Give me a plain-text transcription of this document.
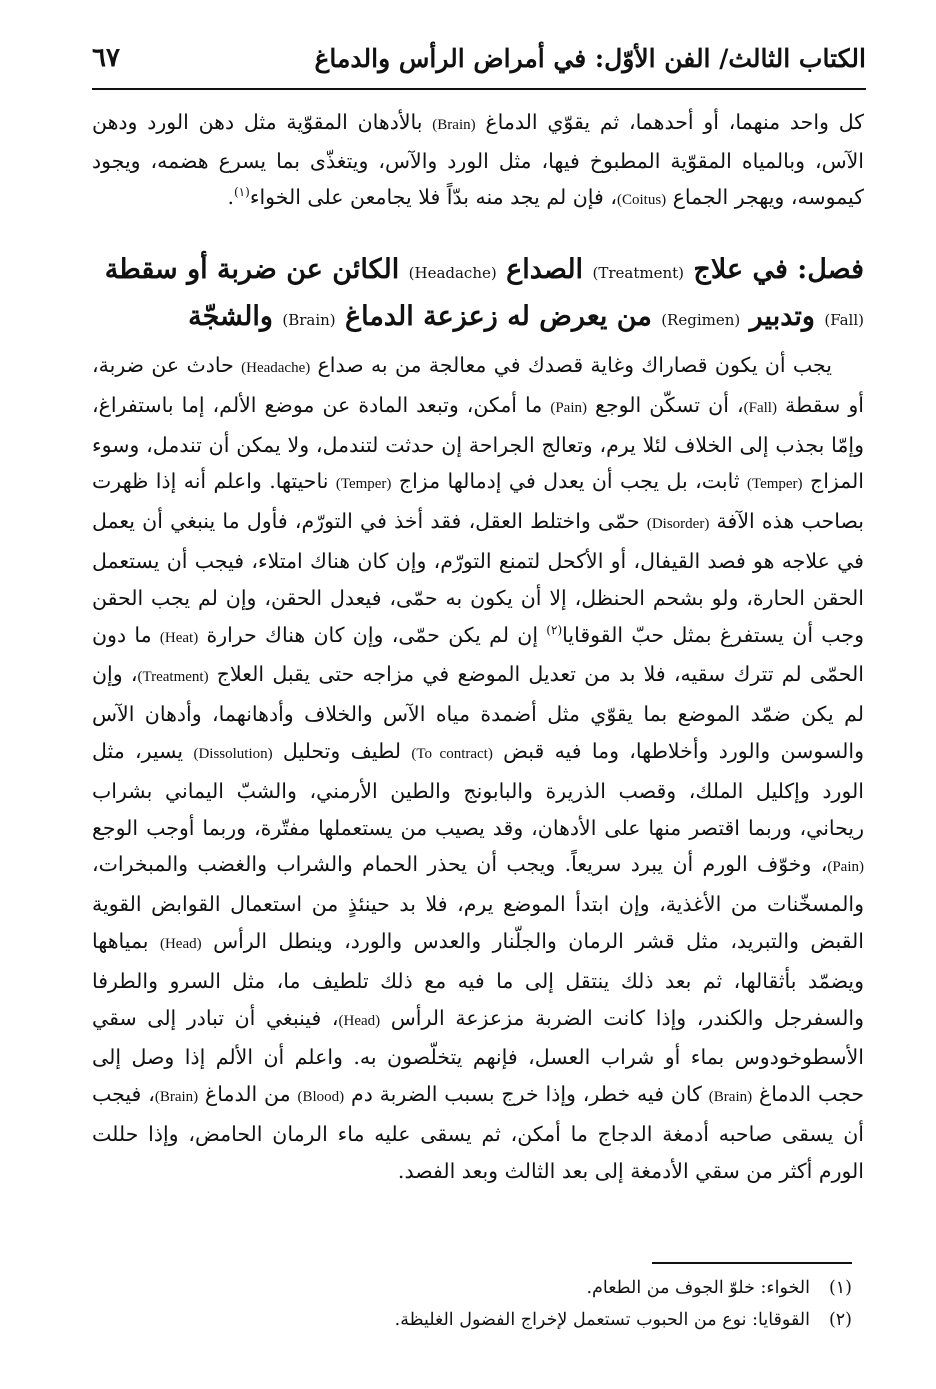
الكتاب الثالث/ الفن الأوّل: في أمراض الرأس والدماغ
٦٧
كل واحد منهما، أو أحدهما، ثم يقوّي الدماغ (Brain) بالأدهان المقوّية مثل دهن الورد ودهن الآس، وبالمياه المقوّية المطبوخ فيها، مثل الورد والآس، ويتغذّى بما يسرع هضمه، ويجود كيموسه، ويهجر الجماع (Coitus)، فإن لم يجد منه بدّاً فلا يجامعن على الخواء$^{(١)}$.
فصل: في علاج (Treatment) الصداع (Headache) الكائن عن ضربة أو سقطة (Fall) وتدبير (Regimen) من يعرض له زعزعة الدماغ (Brain) والشجّة
يجب أن يكون قصاراك وغاية قصدك في معالجة من به صداع (Headache) حادث عن ضربة، أو سقطة (Fall)، أن تسكّن الوجع (Pain) ما أمكن، وتبعد المادة عن موضع الألم، إما باستفراغ، وإمّا بجذب إلى الخلاف لئلا يرم، وتعالج الجراحة إن حدثت لتندمل، ولا يمكن أن تندمل، وسوء المزاج (Temper) ثابت، بل يجب أن يعدل في إدمالها مزاج (Temper) ناحيتها. واعلم أنه إذا ظهرت بصاحب هذه الآفة (Disorder) حمّى واختلط العقل، فقد أخذ في التورّم، فأول ما ينبغي أن يعمل في علاجه هو فصد القيفال، أو الأكحل لتمنع التورّم، وإن كان هناك امتلاء، فيجب أن يستعمل الحقن الحارة، ولو بشحم الحنظل، إلا أن يكون به حمّى، فيعدل الحقن، وإن لم يجب الحقن وجب أن يستفرغ بمثل حبّ القوقايا$^{(٢)}$ إن لم يكن حمّى، وإن كان هناك حرارة (Heat) ما دون الحمّى لم تترك سقيه، فلا بد من تعديل الموضع في مزاجه حتى يقبل العلاج (Treatment)، وإن لم يكن ضمّد الموضع بما يقوّي مثل أضمدة مياه الآس والخلاف وأدهانهما، وأدهان الآس والسوسن والورد وأخلاطها، وما فيه قبض (To contract) لطيف وتحليل (Dissolution) يسير، مثل الورد وإكليل الملك، وقصب الذريرة والبابونج والطين الأرمني، والشبّ اليماني بشراب ريحاني، وربما اقتصر منها على الأدهان، وقد يصيب من يستعملها مفتّرة، وربما أوجب الوجع (Pain)، وخوّف الورم أن يبرد سريعاً. ويجب أن يحذر الحمام والشراب والغضب والمبخرات، والمسخّنات من الأغذية، وإن ابتدأ الموضع يرم، فلا بد حينئذٍ من استعمال القوابض القوية القبض والتبريد، مثل قشر الرمان والجلّنار والعدس والورد، وينطل الرأس (Head) بمياهها ويضمّد بأثقالها، ثم بعد ذلك ينتقل إلى ما فيه مع ذلك تلطيف ما، مثل السرو والطرفا والسفرجل والكندر، وإذا كانت الضربة مزعزعة الرأس (Head)، فينبغي أن تبادر إلى سقي الأسطوخودوس بماء أو شراب العسل، فإنهم يتخلّصون به. واعلم أن الألم إذا وصل إلى حجب الدماغ (Brain) كان فيه خطر، وإذا خرج بسبب الضربة دم (Blood) من الدماغ (Brain)، فيجب أن يسقى صاحبه أدمغة الدجاج ما أمكن، ثم يسقى عليه ماء الرمان الحامض، وإذا حللت الورم أكثر من سقي الأدمغة إلى بعد الثالث وبعد الفصد.
(١)الخواء: خلوّ الجوف من الطعام.
(٢)القوقايا: نوع من الحبوب تستعمل لإخراج الفضول الغليظة.
